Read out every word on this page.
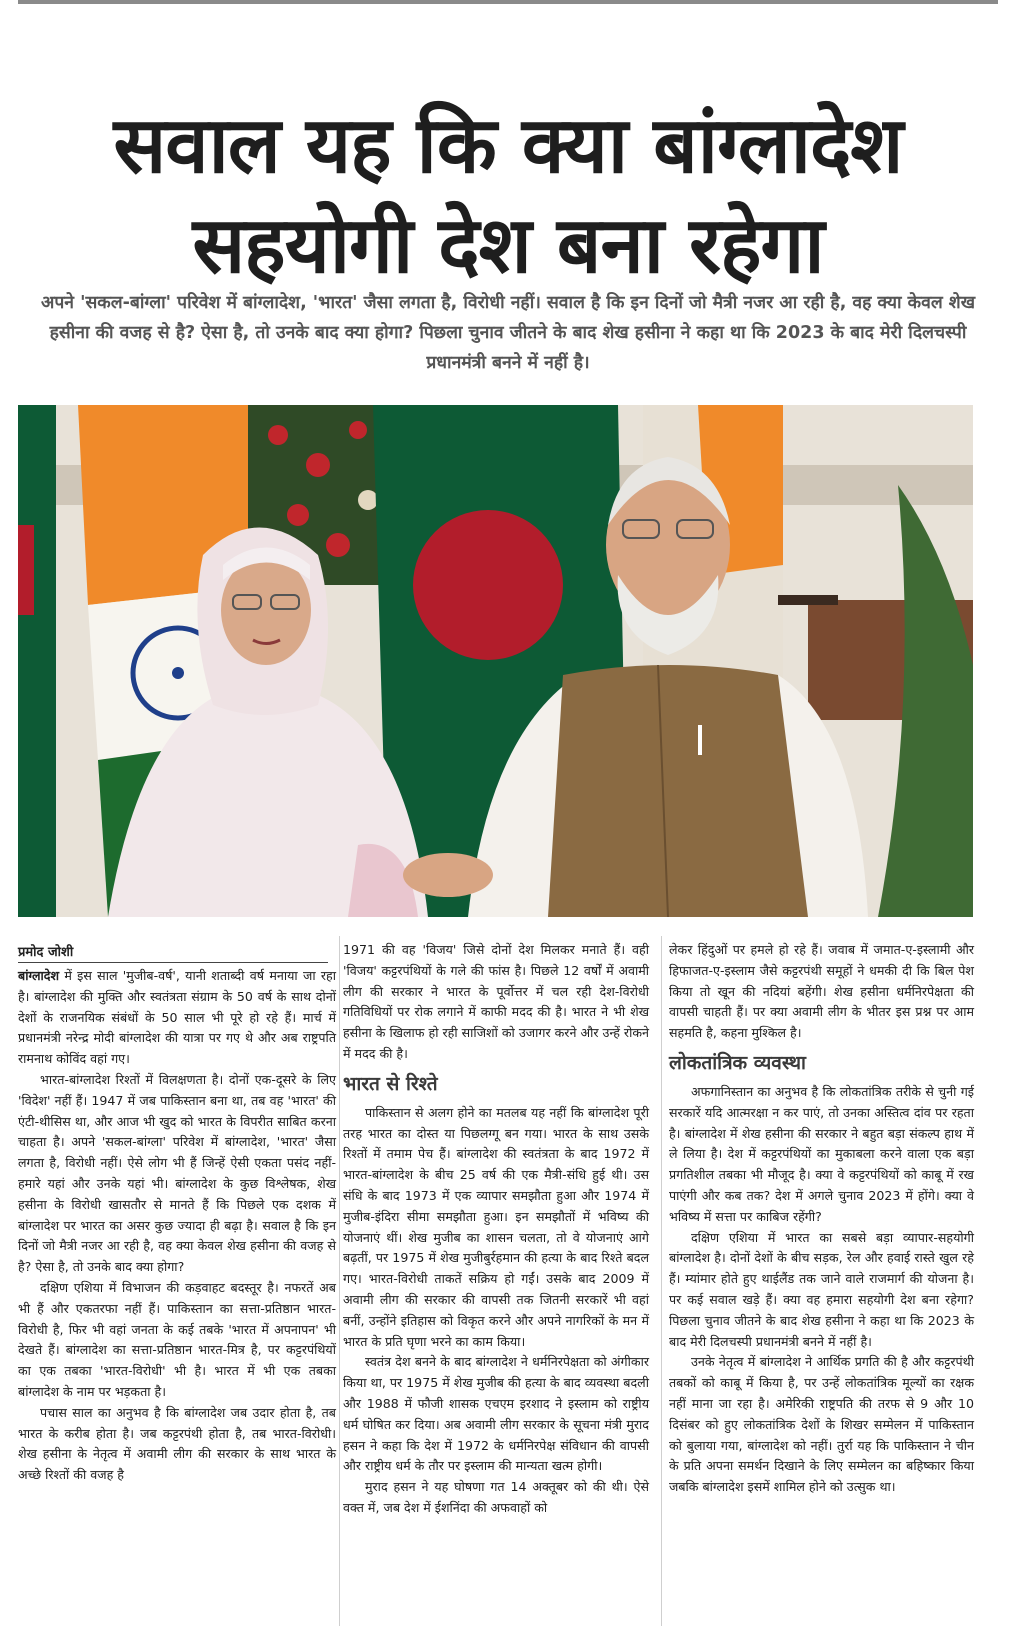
सवाल यह कि क्या बांग्लादेश
सहयोगी देश बना रहेगा
अपने 'सकल-बांग्ला' परिवेश में बांग्लादेश, 'भारत' जैसा लगता है, विरोधी नहीं। सवाल है कि इन दिनों जो मैत्री नजर आ रही है, वह क्या केवल शेख हसीना की वजह से है? ऐसा है, तो उनके बाद क्या होगा? पिछला चुनाव जीतने के बाद शेख हसीना ने कहा था कि 2023 के बाद मेरी दिलचस्पी प्रधानमंत्री बनने में नहीं है।
प्रमोद जोशी

बांग्लादेश में इस साल 'मुजीब-वर्ष', यानी शताब्दी वर्ष मनाया जा रहा है। बांग्लादेश की मुक्ति और स्वतंत्रता संग्राम के 50 वर्ष के साथ दोनों देशों के राजनयिक संबंधों के 50 साल भी पूरे हो रहे हैं। मार्च में प्रधानमंत्री नरेन्द्र मोदी बांग्लादेश की यात्रा पर गए थे और अब राष्ट्रपति रामनाथ कोविंद वहां गए।

भारत-बांग्लादेश रिश्तों में विलक्षणता है। दोनों एक-दूसरे के लिए 'विदेश' नहीं हैं। 1947 में जब पाकिस्तान बना था, तब वह 'भारत' की एंटी-थीसिस था, और आज भी खुद को भारत के विपरीत साबित करना चाहता है। अपने 'सकल-बांग्ला' परिवेश में बांग्लादेश, 'भारत' जैसा लगता है, विरोधी नहीं। ऐसे लोग भी हैं जिन्हें ऐसी एकता पसंद नहीं- हमारे यहां और उनके यहां भी। बांग्लादेश के कुछ विश्लेषक, शेख हसीना के विरोधी खासतौर से मानते हैं कि पिछले एक दशक में बांग्लादेश पर भारत का असर कुछ ज्यादा ही बढ़ा है। सवाल है कि इन दिनों जो मैत्री नजर आ रही है, वह क्या केवल शेख हसीना की वजह से है? ऐसा है, तो उनके बाद क्या होगा?

दक्षिण एशिया में विभाजन की कड़वाहट बदस्तूर है। नफरतें अब भी हैं और एकतरफा नहीं हैं। पाकिस्तान का सत्ता-प्रतिष्ठान भारत-विरोधी है, फिर भी वहां जनता के कई तबके 'भारत में अपनापन' भी देखते हैं। बांग्लादेश का सत्ता-प्रतिष्ठान भारत-मित्र है, पर कट्टरपंथियों का एक तबका 'भारत-विरोधी' भी है। भारत में भी एक तबका बांग्लादेश के नाम पर भड़कता है।

पचास साल का अनुभव है कि बांग्लादेश जब उदार होता है, तब भारत के करीब होता है। जब कट्टरपंथी होता है, तब भारत-विरोधी। शेख हसीना के नेतृत्व में अवामी लीग की सरकार के साथ भारत के अच्छे रिश्तों की वजह है

1971 की वह 'विजय' जिसे दोनों देश मिलकर मनाते हैं। वही 'विजय' कट्टरपंथियों के गले की फांस है। पिछले 12 वर्षों में अवामी लीग की सरकार ने भारत के पूर्वोत्तर में चल रही देश-विरोधी गतिविधियों पर रोक लगाने में काफी मदद की है। भारत ने भी शेख हसीना के खिलाफ हो रही साजिशों को उजागर करने और उन्हें रोकने में मदद की है।

भारत से रिश्ते

पाकिस्तान से अलग होने का मतलब यह नहीं कि बांग्लादेश पूरी तरह भारत का दोस्त या पिछलग्गू बन गया। भारत के साथ उसके रिश्तों में तमाम पेच हैं। बांग्लादेश की स्वतंत्रता के बाद 1972 में भारत-बांग्लादेश के बीच 25 वर्ष की एक मैत्री-संधि हुई थी। उस संधि के बाद 1973 में एक व्यापार समझौता हुआ और 1974 में मुजीब-इंदिरा सीमा समझौता हुआ। इन समझौतों में भविष्य की योजनाएं थीं। शेख मुजीब का शासन चलता, तो वे योजनाएं आगे बढ़तीं, पर 1975 में शेख मुजीबुर्रहमान की हत्या के बाद रिश्ते बदल गए। भारत-विरोधी ताकतें सक्रिय हो गईं। उसके बाद 2009 में अवामी लीग की सरकार की वापसी तक जितनी सरकारें भी वहां बनीं, उन्होंने इतिहास को विकृत करने और अपने नागरिकों के मन में भारत के प्रति घृणा भरने का काम किया।

स्वतंत्र देश बनने के बाद बांग्लादेश ने धर्मनिरपेक्षता को अंगीकार किया था, पर 1975 में शेख मुजीब की हत्या के बाद व्यवस्था बदली और 1988 में फौजी शासक एचएम इरशाद ने इस्लाम को राष्ट्रीय धर्म घोषित कर दिया। अब अवामी लीग सरकार के सूचना मंत्री मुराद हसन ने कहा कि देश में 1972 के धर्मनिरपेक्ष संविधान की वापसी और राष्ट्रीय धर्म के तौर पर इस्लाम की मान्यता खत्म होगी।

मुराद हसन ने यह घोषणा गत 14 अक्तूबर को की थी। ऐसे वक्त में, जब देश में ईशनिंदा की अफवाहों को

लेकर हिंदुओं पर हमले हो रहे हैं। जवाब में जमात-ए-इस्लामी और हिफाजत-ए-इस्लाम जैसे कट्टरपंथी समूहों ने धमकी दी कि बिल पेश किया तो खून की नदियां बहेंगी। शेख हसीना धर्मनिरपेक्षता की वापसी चाहती हैं। पर क्या अवामी लीग के भीतर इस प्रश्न पर आम सहमति है, कहना मुश्किल है।

लोकतांत्रिक व्यवस्था

अफगानिस्तान का अनुभव है कि लोकतांत्रिक तरीके से चुनी गई सरकारें यदि आत्मरक्षा न कर पाएं, तो उनका अस्तित्व दांव पर रहता है। बांग्लादेश में शेख हसीना की सरकार ने बहुत बड़ा संकल्प हाथ में ले लिया है। देश में कट्टरपंथियों का मुकाबला करने वाला एक बड़ा प्रगतिशील तबका भी मौजूद है। क्या वे कट्टरपंथियों को काबू में रख पाएंगी और कब तक? देश में अगले चुनाव 2023 में होंगे। क्या वे भविष्य में सत्ता पर काबिज रहेंगी?

दक्षिण एशिया में भारत का सबसे बड़ा व्यापार-सहयोगी बांग्लादेश है। दोनों देशों के बीच सड़क, रेल और हवाई रास्ते खुल रहे हैं। म्यांमार होते हुए थाईलैंड तक जाने वाले राजमार्ग की योजना है। पर कई सवाल खड़े हैं। क्या वह हमारा सहयोगी देश बना रहेगा? पिछला चुनाव जीतने के बाद शेख हसीना ने कहा था कि 2023 के बाद मेरी दिलचस्पी प्रधानमंत्री बनने में नहीं है।

उनके नेतृत्व में बांग्लादेश ने आर्थिक प्रगति की है और कट्टरपंथी तबकों को काबू में किया है, पर उन्हें लोकतांत्रिक मूल्यों का रक्षक नहीं माना जा रहा है। अमेरिकी राष्ट्रपति की तरफ से 9 और 10 दिसंबर को हुए लोकतांत्रिक देशों के शिखर सम्मेलन में पाकिस्तान को बुलाया गया, बांग्लादेश को नहीं। तुर्रा यह कि पाकिस्तान ने चीन के प्रति अपना समर्थन दिखाने के लिए सम्मेलन का बहिष्कार किया जबकि बांग्लादेश इसमें शामिल होने को उत्सुक था।
